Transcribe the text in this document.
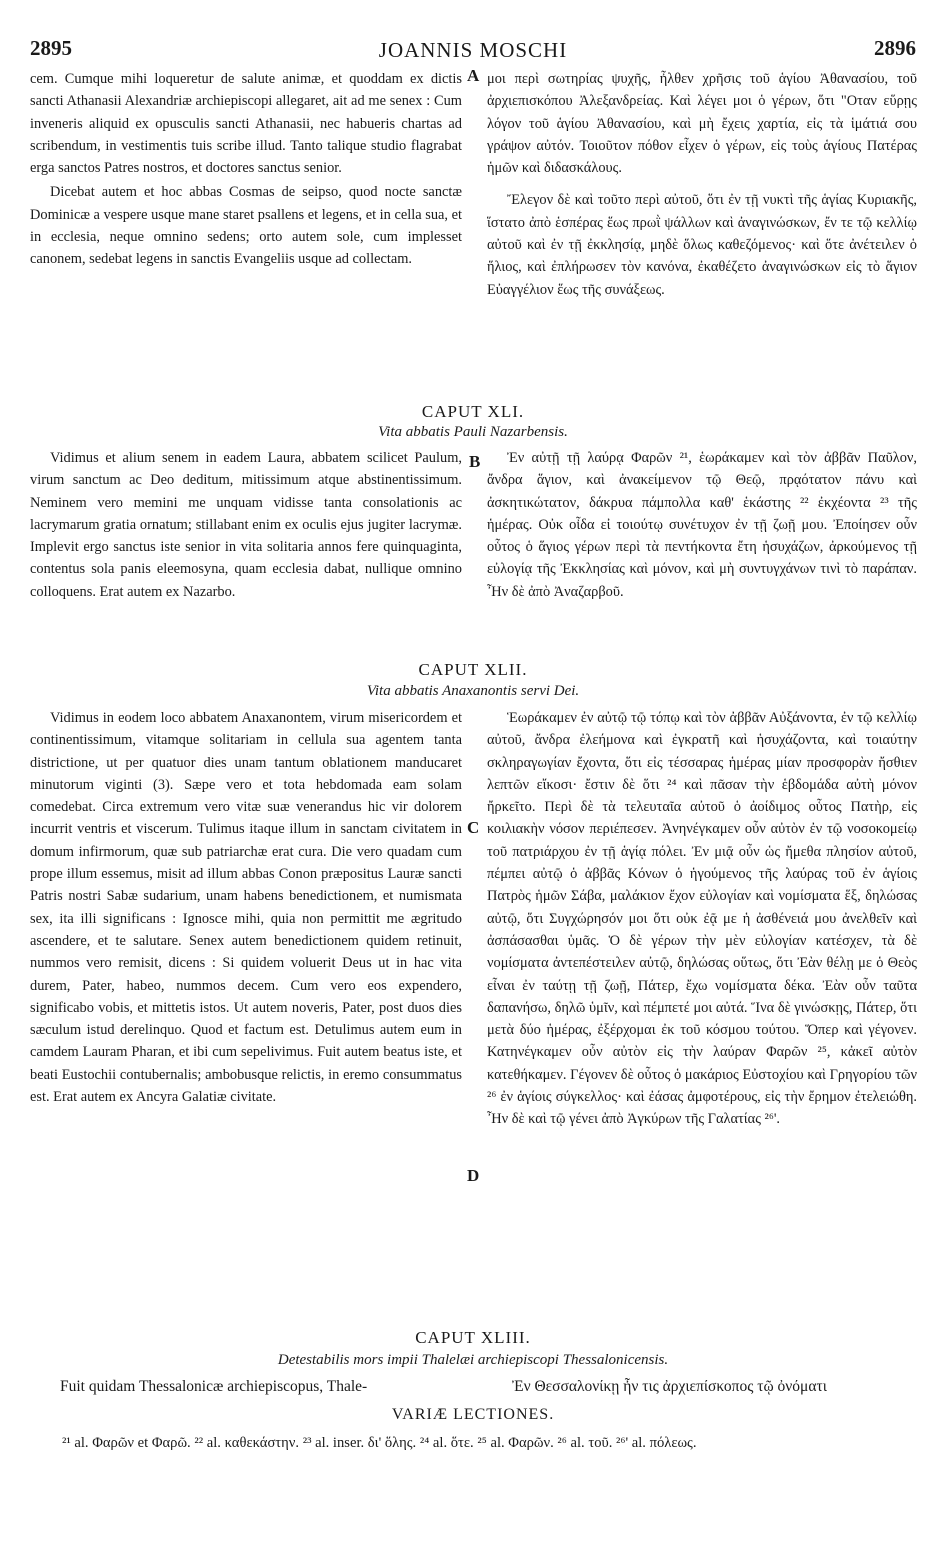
2895	JOANNIS MOSCHI	2896

cem. Cumque mihi loqueretur de salute animæ, et quoddam ex dictis sancti Athanasii Alexandriæ archiepiscopi allegaret, ait ad me senex : Cum inveneris aliquid ex opusculis sancti Athanasii, nec habueris chartas ad scribendum, in vestimentis tuis scribe illud. Tanto talique studio flagrabat erga sanctos Patres nostros, et doctores sanctus senior.

Dicebat autem et hoc abbas Cosmas de seipso, quod nocte sanctæ Dominicæ a vespere usque mane staret psallens et legens, et in cella sua, et in ecclesia, neque omnino sedens; orto autem sole, cum implesset canonem, sedebat legens in sanctis Evangeliis usque ad collectam.

A μοι περὶ σωτηρίας ψυχῆς, ἦλθεν χρῆσις τοῦ ἁγίου Ἀθανασίου, τοῦ ἀρχιεπισκόπου Ἀλεξανδρείας. Καὶ λέγει μοι ὁ γέρων, ὅτι "Οταν εὕρῃς λόγον τοῦ ἁγίου Ἀθανασίου, καὶ μὴ ἔχεις χαρτία, εἰς τὰ ἱμάτιά σου γράψον αὐτόν. Τοιοῦτον πόθον εἶχεν ὁ γέρων, εἰς τοὺς ἁγίους Πατέρας ἡμῶν καὶ διδασκάλους.

Ἔλεγον δὲ καὶ τοῦτο περὶ αὐτοῦ, ὅτι ἐν τῇ νυκτὶ τῆς ἁγίας Κυριακῆς, ἵστατο ἀπὸ ἑσπέρας ἕως πρωῒ ψάλλων καὶ ἀναγινώσκων, ἔν τε τῷ κελλίῳ αὐτοῦ καὶ ἐν τῇ ἐκκλησίᾳ, μηδὲ ὅλως καθεζόμενος· καὶ ὅτε ἀνέτειλεν ὁ ἥλιος, καὶ ἐπλήρωσεν τὸν κανόνα, ἐκαθέζετο ἀναγινώσκων εἰς τὸ ἅγιον Εὐαγγέλιον ἕως τῆς συνάξεως.

CAPUT XLI.
Vita abbatis Pauli Nazarbensis.

Vidimus et alium senem in eadem Laura, abbatem scilicet Paulum, virum sanctum ac Deo deditum, mitissimum atque abstinentissimum. Neminem vero memini me unquam vidisse tanta consolationis ac lacrymarum gratia ornatum; stillabant enim ex oculis ejus jugiter lacrymæ. Implevit ergo sanctus iste senior in vita solitaria annos fere quinquaginta, contentus sola panis eleemosyna, quam ecclesia dabat, nullique omnino colloquens. Erat autem ex Nazarbo.

B	Ἐν αὐτῇ τῇ λαύρᾳ Φαρῶν ²¹, ἑωράκαμεν καὶ τὸν ἀββᾶν Παῦλον, ἄνδρα ἅγιον, καὶ ἀνακείμενον τῷ Θεῷ, πρᾳότατον πάνυ καὶ ἀσκητικώτατον, δάκρυα πάμπολλα καθ' ἑκάστης ²² ἐκχέοντα ²³ τῆς ἡμέρας. Οὐκ οἶδα εἰ τοιούτῳ συνέτυχον ἐν τῇ ζωῇ μου. Ἐποίησεν οὖν οὗτος ὁ ἅγιος γέρων περὶ τὰ πεντήκοντα ἔτη ἡσυχάζων, ἀρκούμενος τῇ εὐλογίᾳ τῆς Ἐκκλησίας καὶ μόνον, καὶ μὴ συντυγχάνων τινὶ τὸ παράπαν. Ἦν δὲ ἀπὸ Ἀναζαρβοῦ.

CAPUT XLII.
Vita abbatis Anaxanontis servi Dei.

Vidimus in eodem loco abbatem Anaxanontem, virum misericordem et continentissimum, vitamque solitariam in cellula sua agentem tanta districtione, ut per quatuor dies unam tantum oblationem manducaret minutorum viginti (3). Sæpe vero et tota hebdomada eam solam comedebat. Circa extremum vero vitæ suæ venerandus hic vir dolorem incurrit ventris et viscerum. Tulimus itaque illum in sanctam civitatem in domum infirmorum, quæ sub patriarchæ erat cura. Die vero quadam cum prope illum essemus, misit ad illum abbas Conon præpositus Lauræ sancti Patris nostri Sabæ sudarium, unam habens benedictionem, et numismata sex, ita illi significans : Ignosce mihi, quia non permittit me ægritudo ascendere, et te salutare. Senex autem benedictionem quidem retinuit, nummos vero remisit, dicens : Si quidem voluerit Deus ut in hac vita durem, Pater, habeo, nummos decem. Cum vero eos expendero, significabo vobis, et mittetis istos. Ut autem noveris, Pater, post duos dies sæculum istud derelinquo. Quod et factum est. Detulimus autem eum in camdem Lauram Pharan, et ibi cum sepelivimus. Fuit autem beatus iste, et beati Eustochii contubernalis; ambobusque relictis, in eremo consummatus est. Erat autem ex Ancyra Galatiæ civitate.

C
D

Ἑωράκαμεν ἐν αὐτῷ τῷ τόπῳ καὶ τὸν ἀββᾶν Αὐξάνοντα, ἐν τῷ κελλίῳ αὐτοῦ, ἄνδρα ἐλεήμονα καὶ ἐγκρατῆ καὶ ἡσυχάζοντα, καὶ τοιαύτην σκληραγωγίαν ἔχοντα, ὅτι εἰς τέσσαρας ἡμέρας μίαν προσφορὰν ἤσθιεν λεπτῶν εἴκοσι· ἔστιν δὲ ὅτι ²⁴ καὶ πᾶσαν τὴν ἑβδομάδα αὐτὴ μόνον ἤρκεῖτο. Περὶ δὲ τὰ τελευταῖα αὐτοῦ ὁ ἀοίδιμος οὗτος Πατὴρ, εἰς κοιλιακὴν νόσον περιέπεσεν. Ἀνηνέγκαμεν οὖν αὐτὸν ἐν τῷ νοσοκομείῳ τοῦ πατριάρχου ἐν τῇ ἁγίᾳ πόλει. Ἐν μιᾷ οὖν ὡς ἤμεθα πλησίον αὐτοῦ, πέμπει αὐτῷ ὁ ἀββᾶς Κόνων ὁ ἡγούμενος τῆς λαύρας τοῦ ἐν ἁγίοις Πατρὸς ἡμῶν Σάβα, μαλάκιον ἔχον εὐλογίαν καὶ νομίσματα ἕξ, δηλώσας αὐτῷ, ὅτι Συγχώρησόν μοι ὅτι οὐκ ἐᾷ με ἡ ἀσθένειά μου ἀνελθεῖν καὶ ἀσπάσασθαι ὑμᾶς. Ὁ δὲ γέρων τὴν μὲν εὐλογίαν κατέσχεν, τὰ δὲ νομίσματα ἀντεπέστειλεν αὐτῷ, δηλώσας οὕτως, ὅτι Ἐὰν θέλῃ με ὁ Θεὸς εἶναι ἐν ταύτῃ τῇ ζωῇ, Πάτερ, ἔχω νομίσματα δέκα. Ἐὰν οὖν ταῦτα δαπανήσω, δηλῶ ὑμῖν, καὶ πέμπετέ μοι αὐτά. Ἵνα δὲ γινώσκῃς, Πάτερ, ὅτι μετὰ δύο ἡμέρας, ἐξέρχομαι ἐκ τοῦ κόσμου τούτου. Ὅπερ καὶ γέγονεν. Κατηνέγκαμεν οὖν αὐτὸν εἰς τὴν λαύραν Φαρῶν ²⁵, κἀκεῖ αὐτὸν κατεθήκαμεν. Γέγονεν δὲ οὗτος ὁ μακάριος Εὐστοχίου καὶ Γρηγορίου τῶν ²⁶ ἐν ἁγίοις σύγκελλος· καὶ ἐάσας ἀμφοτέρους, εἰς τὴν ἔρημον ἐτελειώθη. Ἦν δὲ καὶ τῷ γένει ἀπὸ Ἀγκύρων τῆς Γαλατίας ²⁶'.

CAPUT XLIII.
Detestabilis mors impii Thalelæi archiepiscopi Thessalonicensis.
Fuit quidam Thessalonicæ archiepiscopus, Thale-	Ἐν Θεσσαλονίκῃ ἦν τις ἀρχιεπίσκοπος τῷ ὀνόματι
VARIÆ LECTIONES.

²¹ al. Φαρῶν et Φαρῶ. ²² al. καθεκάστην. ²³ al. inser. δι' ὅλης. ²⁴ al. ὅτε. ²⁵ al. Φαρῶν. ²⁶ al. τοῦ. ²⁶' al. πόλεως.
